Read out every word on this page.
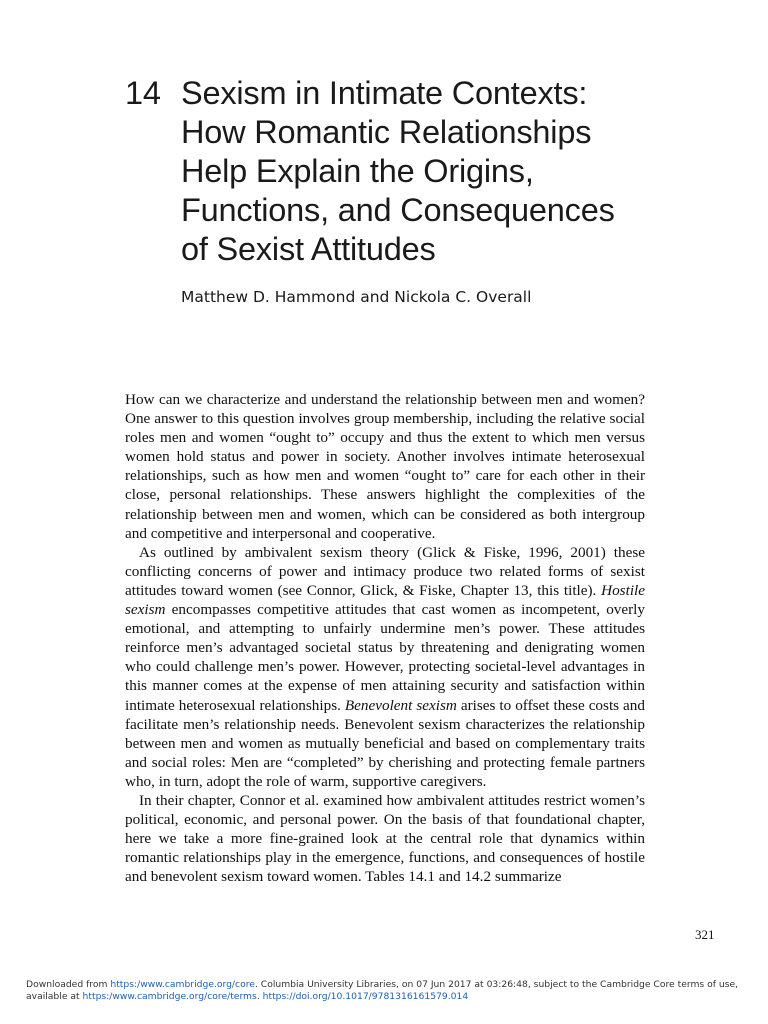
14 Sexism in Intimate Contexts:
How Romantic Relationships
Help Explain the Origins,
Functions, and Consequences
of Sexist Attitudes
Matthew D. Hammond and Nickola C. Overall

How can we characterize and understand the relationship between men and women? One answer to this question involves group membership, including the relative social roles men and women “ought to” occupy and thus the extent to which men versus women hold status and power in society. Another involves intimate heterosexual relationships, such as how men and women “ought to” care for each other in their close, personal relationships. These answers highlight the complexities of the relationship between men and women, which can be considered as both intergroup and competitive and interpersonal and cooperative.

As outlined by ambivalent sexism theory (Glick & Fiske, 1996, 2001) these conflicting concerns of power and intimacy produce two related forms of sexist attitudes toward women (see Connor, Glick, & Fiske, Chapter 13, this title). Hostile sexism encompasses competitive attitudes that cast women as incompetent, overly emotional, and attempting to unfairly undermine men’s power. These attitudes reinforce men’s advantaged societal status by threatening and denigrating women who could challenge men’s power. However, protecting societal-level advantages in this manner comes at the expense of men attaining security and satisfaction within intimate heterosexual relationships. Benevolent sexism arises to offset these costs and facilitate men’s relationship needs. Benevolent sexism characterizes the relationship between men and women as mutually beneficial and based on complementary traits and social roles: Men are “completed” by cherishing and protecting female partners who, in turn, adopt the role of warm, supportive caregivers.

In their chapter, Connor et al. examined how ambivalent attitudes restrict women’s political, economic, and personal power. On the basis of that foundational chapter, here we take a more fine-grained look at the central role that dynamics within romantic relationships play in the emergence, functions, and consequences of hostile and benevolent sexism toward women. Tables 14.1 and 14.2 summarize

321
Downloaded from https:/www.cambridge.org/core. Columbia University Libraries, on 07 Jun 2017 at 03:26:48, subject to the Cambridge Core terms of use,
available at https:/www.cambridge.org/core/terms. https://doi.org/10.1017/9781316161579.014
